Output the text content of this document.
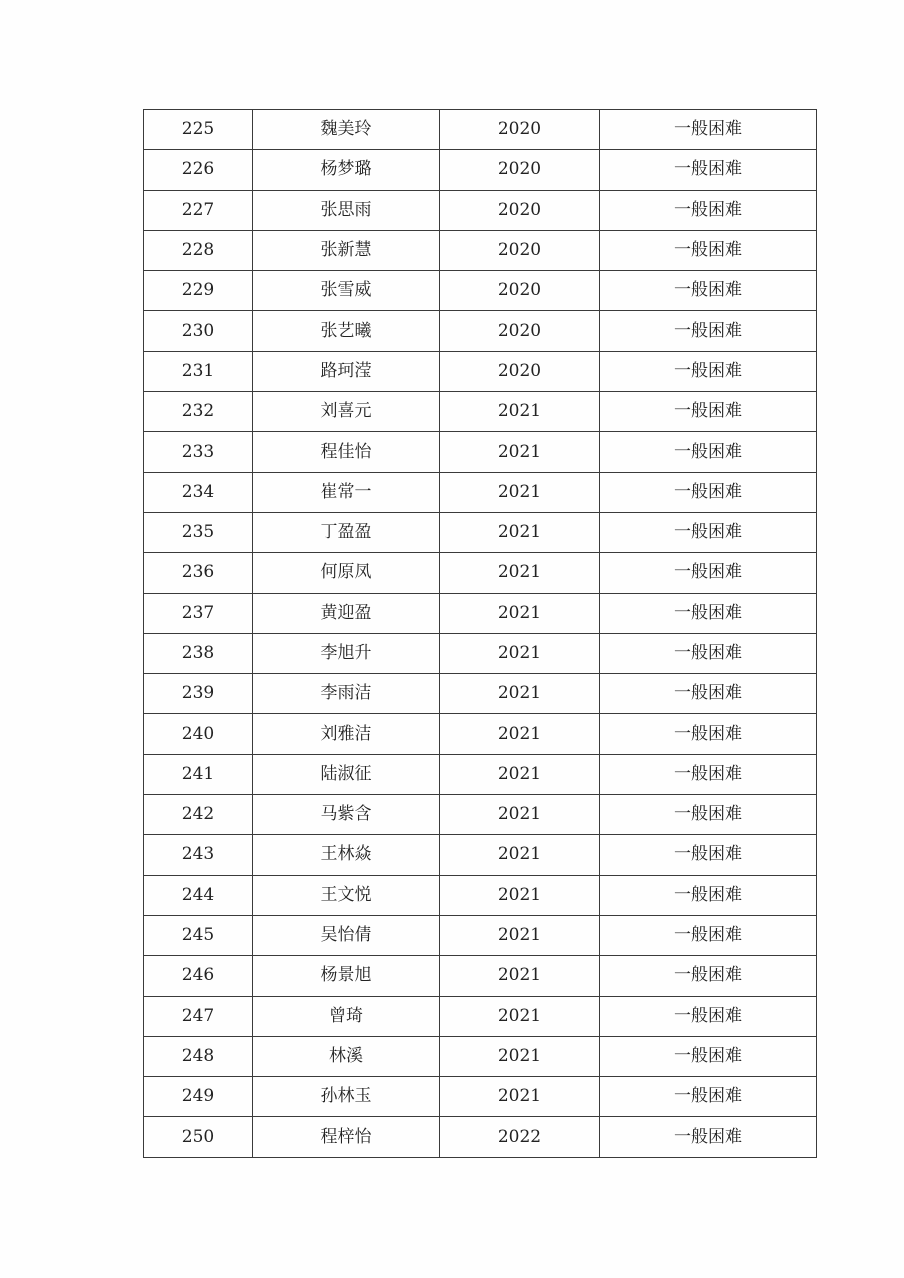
225	魏美玲	2020	一般困难
226	杨梦璐	2020	一般困难
227	张思雨	2020	一般困难
228	张新慧	2020	一般困难
229	张雪威	2020	一般困难
230	张艺曦	2020	一般困难
231	路珂滢	2020	一般困难
232	刘喜元	2021	一般困难
233	程佳怡	2021	一般困难
234	崔常一	2021	一般困难
235	丁盈盈	2021	一般困难
236	何原凤	2021	一般困难
237	黄迎盈	2021	一般困难
238	李旭升	2021	一般困难
239	李雨洁	2021	一般困难
240	刘雅洁	2021	一般困难
241	陆淑征	2021	一般困难
242	马紫含	2021	一般困难
243	王林焱	2021	一般困难
244	王文悦	2021	一般困难
245	吴怡倩	2021	一般困难
246	杨景旭	2021	一般困难
247	曾琦	2021	一般困难
248	林溪	2021	一般困难
249	孙林玉	2021	一般困难
250	程梓怡	2022	一般困难
